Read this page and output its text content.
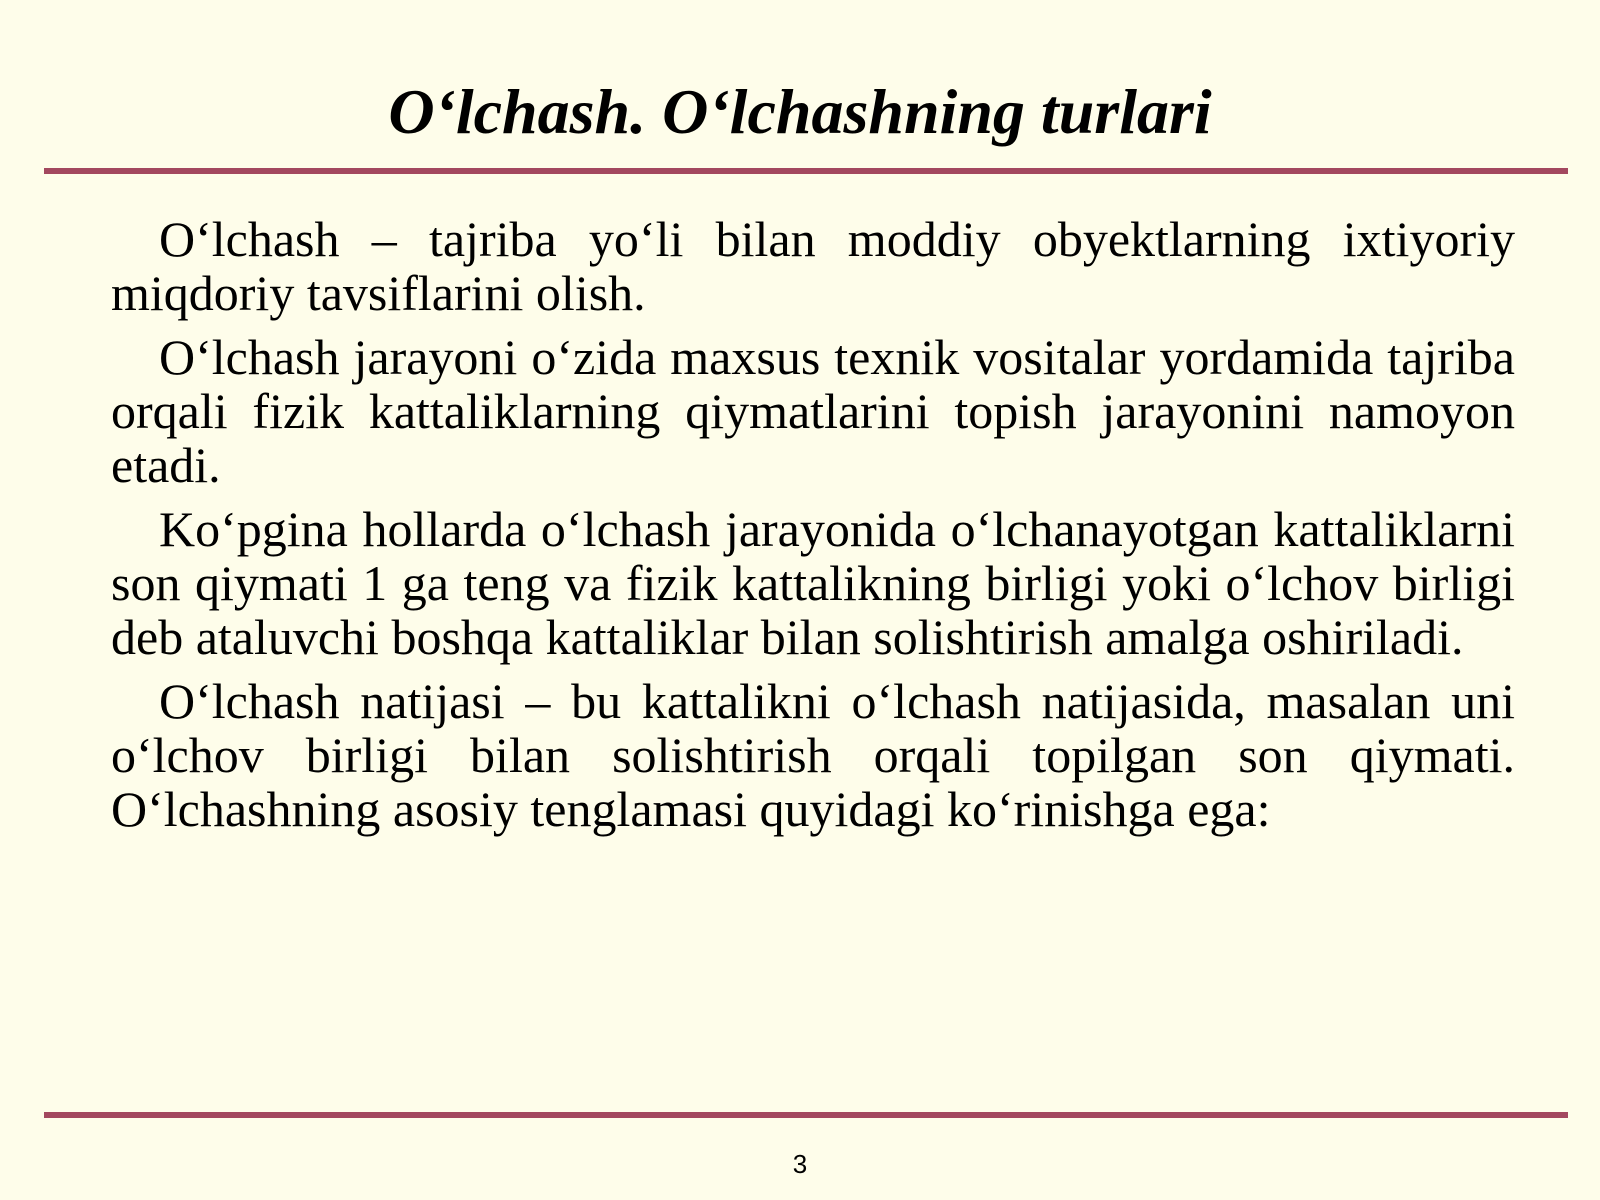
O‘lchash. O‘lchashning turlari

O‘lchash – tajriba yo‘li bilan moddiy obyektlarning ixtiyoriy miqdoriy tavsiflarini olish.

O‘lchash jarayoni o‘zida maxsus texnik vositalar yordamida tajriba orqali fizik kattaliklarning qiymatlarini topish jarayonini namoyon etadi.

Ko‘pgina hollarda o‘lchash jarayonida o‘lchanayotgan kattaliklarni son qiymati 1 ga teng va fizik kattalikning birligi yoki o‘lchov birligi deb ataluvchi boshqa kattaliklar bilan solishtirish amalga oshiriladi.

O‘lchash natijasi – bu kattalikni o‘lchash natijasida, masalan uni o‘lchov birligi bilan solishtirish orqali topilgan son qiymati. O‘lchashning asosiy tenglamasi quyidagi ko‘rinishga ega:

3
